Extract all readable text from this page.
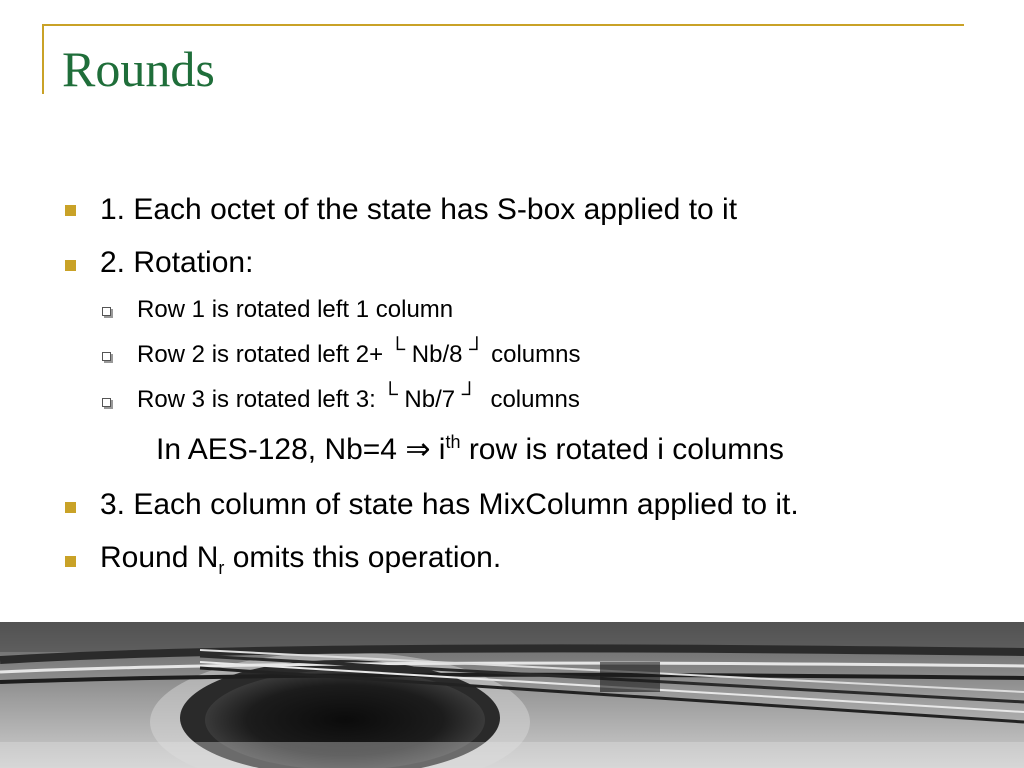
Rounds
1. Each octet of the state has S-box applied to it
2. Rotation:
Row 1 is rotated left 1 column
Row 2 is rotated left 2+ └ Nb/8 ┘ columns
Row 3 is rotated left 3: └ Nb/7 ┘  columns
In AES-128, Nb=4 ⇒ $i^{th}$ row is rotated i columns
3. Each column of state has MixColumn applied to it.
Round $N_r$ omits this operation.
